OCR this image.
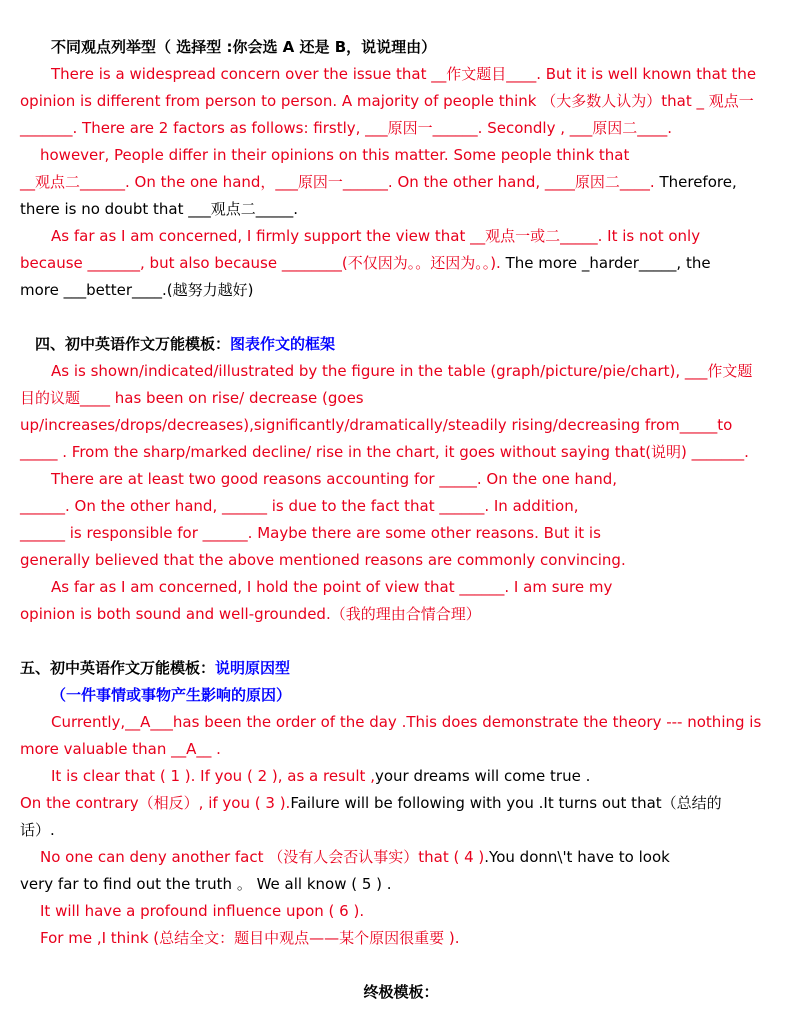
不同观点列举型（ 选择型 :你会选 A 还是 B，说说理由）
There is a widespread concern over the issue that __作文题目____. But it is well known that the
opinion is different from person to person. A majority of people think （大多数人认为）that _ 观点一
_______. There are 2 factors as follows: firstly, ___原因一______. Secondly , ___原因二____.
however, People differ in their opinions on this matter. Some people think that
__观点二______. On the one hand，___原因一______. On the other hand, ____原因二____. Therefore,
there is no doubt that ___观点二_____.
As far as I am concerned, I firmly support the view that __观点一或二_____. It is not only
because _______, but also because ________(不仅因为。。还因为。。). The more _harder_____, the
more ___better____.(越努力越好)
四、初中英语作文万能模板：图表作文的框架
As is shown/indicated/illustrated by the figure in the table (graph/picture/pie/chart), ___作文题
目的议题____ has been on rise/ decrease (goes
up/increases/drops/decreases),significantly/dramatically/steadily rising/decreasing from_____to
_____ . From the sharp/marked decline/ rise in the chart, it goes without saying that(说明) _______.
There are at least two good reasons accounting for _____. On the one hand,
______. On the other hand, ______ is due to the fact that ______. In addition,
______ is responsible for ______. Maybe there are some other reasons. But it is
generally believed that the above mentioned reasons are commonly convincing.
As far as I am concerned, I hold the point of view that ______. I am sure my
opinion is both sound and well-grounded.（我的理由合情合理）
五、初中英语作文万能模板：说明原因型
（一件事情或事物产生影响的原因）
Currently,__A___has been the order of the day .This does demonstrate the theory --- nothing is
more valuable than __A__ .
It is clear that ( 1 ). If you ( 2 ), as a result ,your dreams will come true .
On the contrary（相反）, if you ( 3 ).Failure will be following with you .It turns out that（总结的
话）.
No one can deny another fact （没有人会否认事实）that ( 4 ).You donn\'t have to look
very far to find out the truth 。 We all know ( 5 ) .
It will have a profound influence upon ( 6 ).
For me ,I think (总结全文：题目中观点——某个原因很重要 ).
终极模板：
